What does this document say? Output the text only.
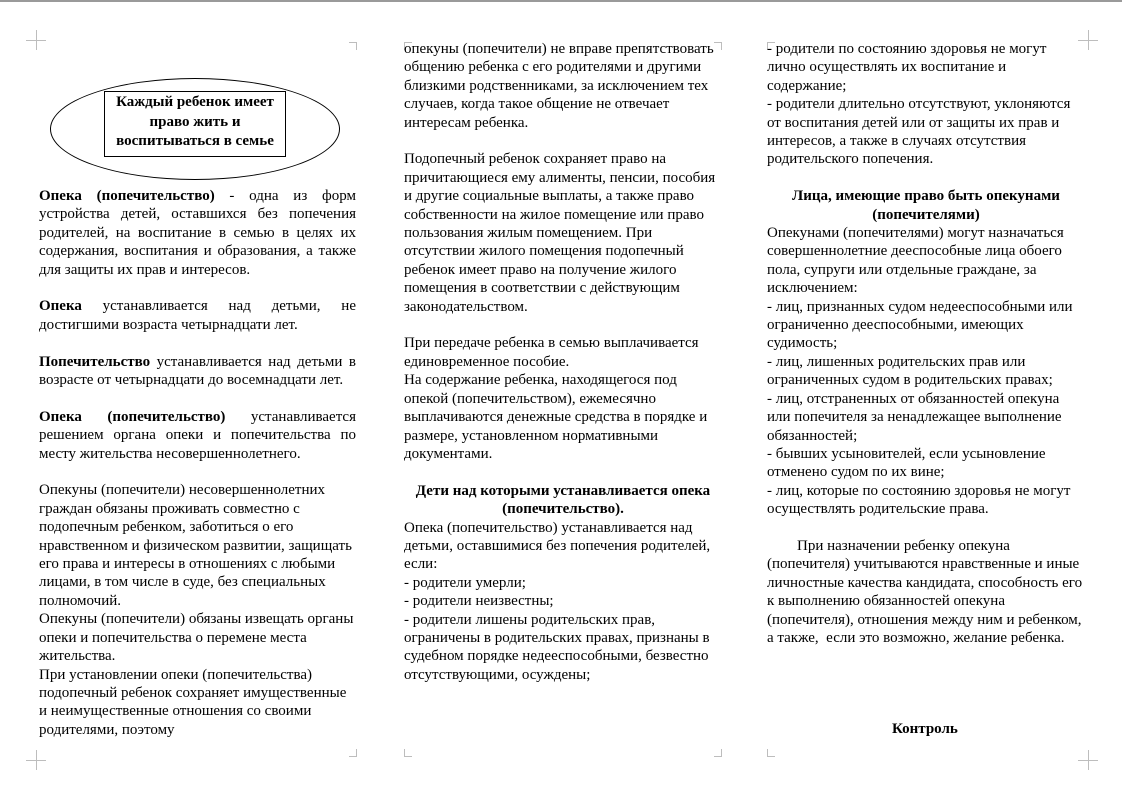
Каждый ребенок имеет
право жить и
воспитываться в семье

Опека (попечительство) - одна из форм устройства детей, оставшихся без попечения родителей, на воспитание в семью в целях их содержания, воспитания и образования, а также для защиты их прав и интересов.

Опека устанавливается над детьми, не достигшими возраста четырнадцати лет.

Попечительство устанавливается над детьми в возрасте от четырнадцати до восемнадцати лет.

Опека (попечительство) устанавливается решением органа опеки и попечительства по месту жительства несовершеннолетнего.

Опекуны (попечители) несовершеннолетних граждан обязаны проживать совместно с подопечным ребенком, заботиться о его нравственном и физическом развитии, защищать его права и интересы в отношениях с любыми лицами, в том числе в суде, без специальных полномочий.

Опекуны (попечители) обязаны извещать органы опеки и попечительства о перемене места жительства.

При установлении опеки (попечительства) подопечный ребенок сохраняет имущественные и неимущественные отношения со своими родителями, поэтому

опекуны (попечители) не вправе препятствовать общению ребенка с его родителями и другими близкими родственниками, за исключением тех случаев, когда такое общение не отвечает интересам ребенка.

Подопечный ребенок сохраняет право на причитающиеся ему алименты, пенсии, пособия и другие социальные выплаты, а также право собственности на жилое помещение или право пользования жилым помещением. При отсутствии жилого помещения подопечный ребенок имеет право на получение жилого помещения в соответствии с действующим законодательством.

При передаче ребенка в семью выплачивается единовременное пособие.

На содержание ребенка, находящегося под опекой (попечительством), ежемесячно выплачиваются денежные средства в порядке и размере, установленном нормативными документами.

Дети над которыми устанавливается опека (попечительство).

Опека (попечительство) устанавливается над детьми, оставшимися без попечения родителей, если:

- родители умерли;

- родители неизвестны;

- родители лишены родительских прав, ограничены в родительских правах, признаны в судебном порядке недееспособными, безвестно отсутствующими, осуждены;

- родители по состоянию здоровья не могут лично осуществлять их воспитание и содержание;

- родители длительно отсутствуют, уклоняются от воспитания детей или от защиты их прав и интересов, а также в случаях отсутствия родительского попечения.

Лица, имеющие право быть опекунами (попечителями)

Опекунами (попечителями) могут назначаться совершеннолетние дееспособные лица обоего пола, супруги или отдельные граждане, за исключением:

- лиц, признанных судом недееспособными или ограниченно дееспособными, имеющих судимость;

- лиц, лишенных родительских прав или ограниченных судом в родительских правах;

- лиц, отстраненных от обязанностей опекуна или попечителя за ненадлежащее выполнение обязанностей;

- бывших усыновителей, если усыновление отменено судом по их вине;

- лиц, которые по состоянию здоровья не могут осуществлять родительские права.

При назначении ребенку опекуна (попечителя) учитываются нравственные и иные личностные качества кандидата, способность его к выполнению обязанностей опекуна (попечителя), отношения между ним и ребенком, а также,  если это возможно, желание ребенка.

Контроль
